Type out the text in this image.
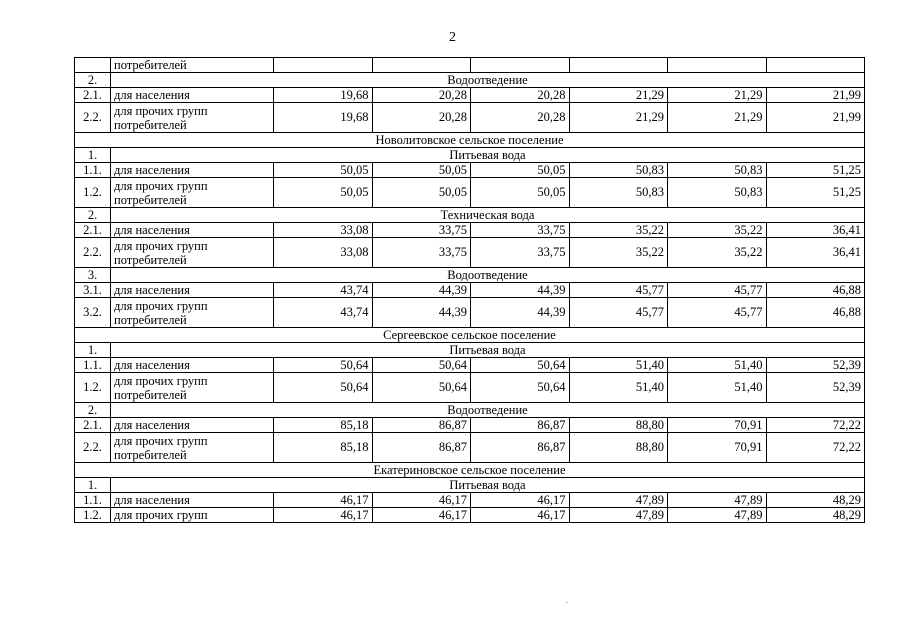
2
	потребителей						
2.	Водоотведение						
2.1.	для населения	19,68	20,28	20,28	21,29	21,29	21,99
2.2.	для прочих групп потребителей	19,68	20,28	20,28	21,29	21,29	21,99
Новолитовское сельское поселение							
1.	Питьевая вода						
1.1.	для населения	50,05	50,05	50,05	50,83	50,83	51,25
1.2.	для прочих групп потребителей	50,05	50,05	50,05	50,83	50,83	51,25
2.	Техническая вода						
2.1.	для населения	33,08	33,75	33,75	35,22	35,22	36,41
2.2.	для прочих групп потребителей	33,08	33,75	33,75	35,22	35,22	36,41
3.	Водоотведение						
3.1.	для населения	43,74	44,39	44,39	45,77	45,77	46,88
3.2.	для прочих групп потребителей	43,74	44,39	44,39	45,77	45,77	46,88
Сергеевское сельское поселение							
1.	Питьевая вода						
1.1.	для населения	50,64	50,64	50,64	51,40	51,40	52,39
1.2.	для прочих групп потребителей	50,64	50,64	50,64	51,40	51,40	52,39
2.	Водоотведение						
2.1.	для населения	85,18	86,87	86,87	88,80	70,91	72,22
2.2.	для прочих групп потребителей	85,18	86,87	86,87	88,80	70,91	72,22
Екатериновское сельское поселение							
1.	Питьевая вода						
1.1.	для населения	46,17	46,17	46,17	47,89	47,89	48,29
1.2.	для прочих групп	46,17	46,17	46,17	47,89	47,89	48,29
